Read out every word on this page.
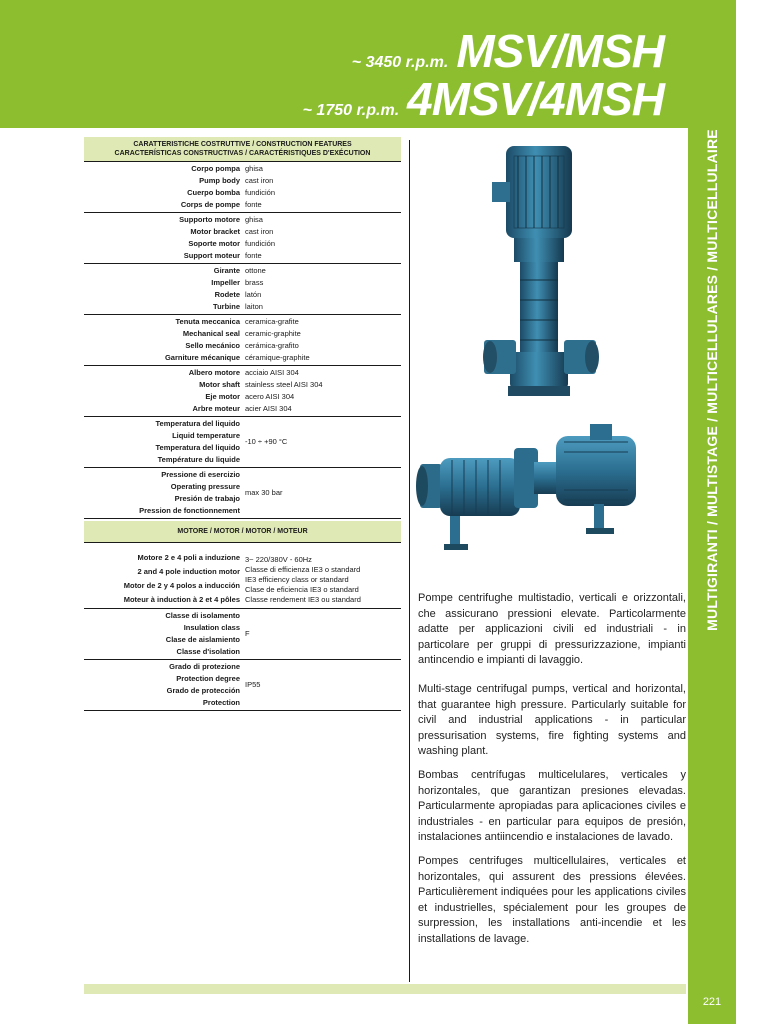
~ 3450 r.p.m. MSV/MSH
~ 1750 r.p.m. 4MSV/4MSH
MULTIGIRANTI / MULTISTAGE / MULTICELLULARES / MULTICELLULAIRE
221
CARATTERISTICHE COSTRUTTIVE / CONSTRUCTION FEATURES
CARACTERÍSTICAS CONSTRUCTIVAS / CARACTÉRISTIQUES D'EXÉCUTION
Corpo pompa
Pump body
Cuerpo bomba
Corps de pompe
ghisa
cast iron
fundición
fonte
Supporto motore
Motor bracket
Soporte motor
Support moteur
ghisa
cast iron
fundición
fonte
Girante
Impeller
Rodete
Turbine
ottone
brass
latón
laiton
Tenuta meccanica
Mechanical seal
Sello mecánico
Garniture mécanique
ceramica-grafite
ceramic-graphite
cerámica-grafito
céramique-graphite
Albero motore
Motor shaft
Eje motor
Arbre moteur
acciaio AISI 304
stainless steel AISI 304
acero AISI 304
acier AISI 304
Temperatura del liquido
Liquid temperature
Temperatura del liquido
Température du liquide
-10 ÷ +90 °C
Pressione di esercizio
Operating pressure
Presión de trabajo
Pression de fonctionnement
max 30 bar
MOTORE / MOTOR / MOTOR / MOTEUR
Motore 2 e 4 poli a induzione
2 and 4 pole induction motor
Motor de 2 y 4 polos a inducción
Moteur à induction à 2 et 4 pôles
3~ 220/380V - 60Hz
Classe di efficienza IE3 o standard
IE3 efficiency class or standard
Clase de eficiencia IE3 o standard
Classe rendement IE3 ou standard
Classe di isolamento
Insulation class
Clase de aislamiento
Classe d'isolation
F
Grado di protezione
Protection degree
Grado de protección
Protection
IP55
Pompe centrifughe multistadio, verticali e orizzontali, che assicurano pressioni elevate. Particolarmente adatte per applicazioni civili ed industriali - in particolare per gruppi di pressurizzazione, impianti antincendio e impianti di lavaggio.
Multi-stage centrifugal pumps, vertical and horizontal, that guarantee high pressure. Particularly suitable for civil and industrial applications - in particular pressurisation systems, fire fighting systems and washing plant.
Bombas centrífugas multicelulares, verticales y horizontales, que garantizan presiones elevadas. Particularmente apropiadas para aplicaciones civiles e industriales - en particular para equipos de presión, instalaciones antiincendio e instalaciones de lavado.
Pompes centrifuges multicellulaires, verticales et horizontales, qui assurent des pressions élevées. Particulièrement indiquées pour les applications civiles et industrielles, spécialement pour les groupes de surpression, les installations anti-incendie et les installations de lavage.
